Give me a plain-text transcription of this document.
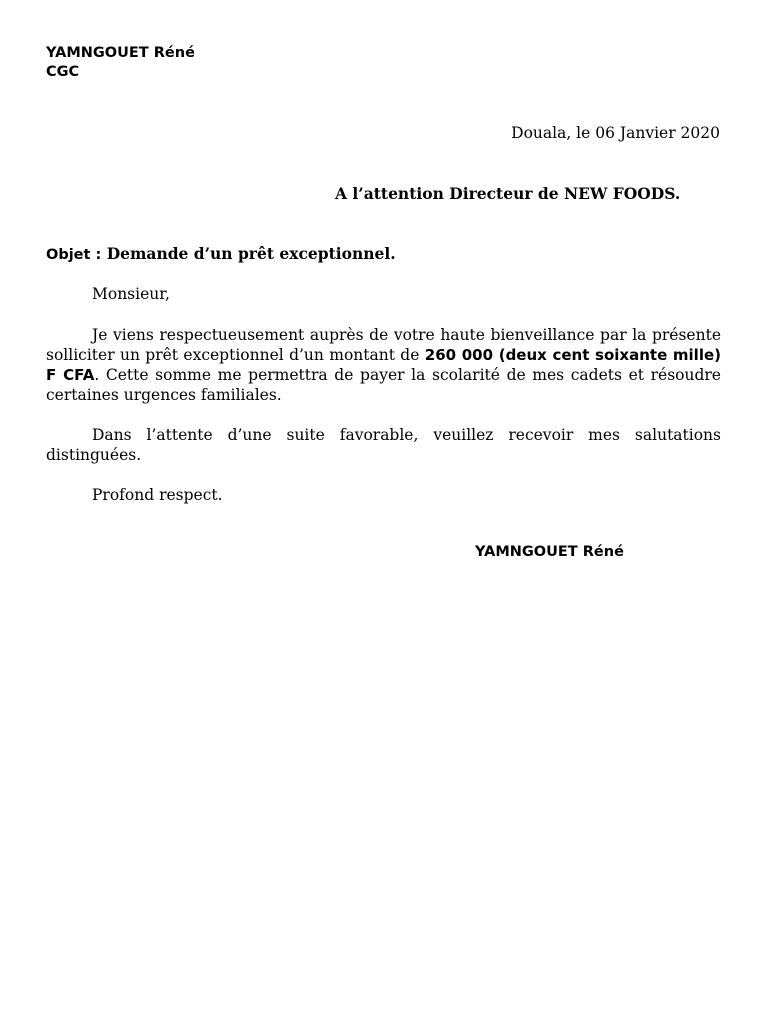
YAMNGOUET Réné
CGC
Douala, le 06 Janvier 2020
A l’attention Directeur de NEW FOODS.
Objet : Demande d’un prêt exceptionnel.

Monsieur,

Je viens respectueusement auprès de votre haute bienveillance par la présente solliciter un prêt exceptionnel d’un montant de 260 000 (deux cent soixante mille) F CFA. Cette somme me permettra de payer la scolarité de mes cadets et résoudre certaines urgences familiales.

Dans l’attente d’une suite favorable, veuillez recevoir mes salutations distinguées.

Profond respect.

YAMNGOUET Réné
